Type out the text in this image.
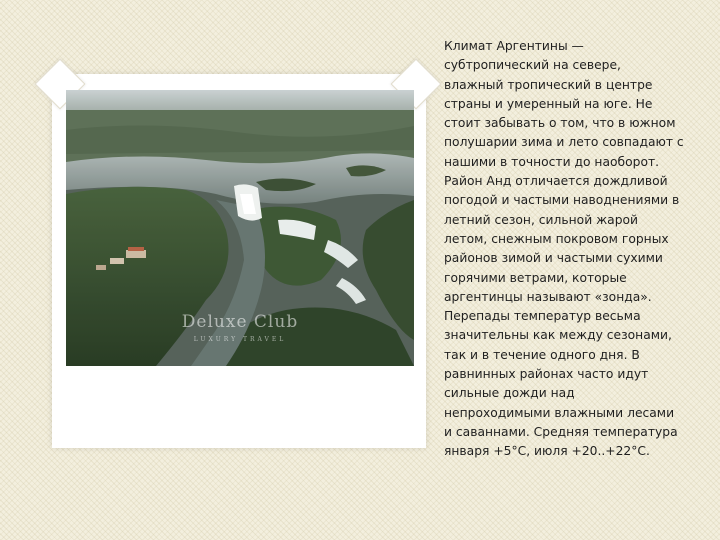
Deluxe Club
LUXURY TRAVEL

Климат Аргентины —
субтропический на севере,
влажный тропический в центре
страны и умеренный на юге. Не
стоит забывать о том, что в южном
полушарии зима и лето совпадают с
нашими в точности до наоборот.
Район Анд отличается дождливой
погодой и частыми наводнениями в
летний сезон, сильной жарой
летом, снежным покровом горных
районов зимой и частыми сухими
горячими ветрами, которые
аргентинцы называют «зонда».
Перепады температур весьма
значительны как между сезонами,
так и в течение одного дня. В
равнинных районах часто идут
сильные дожди над
непроходимыми влажными лесами
и саваннами. Средняя температура
января +5°С, июля +20..+22°С.
